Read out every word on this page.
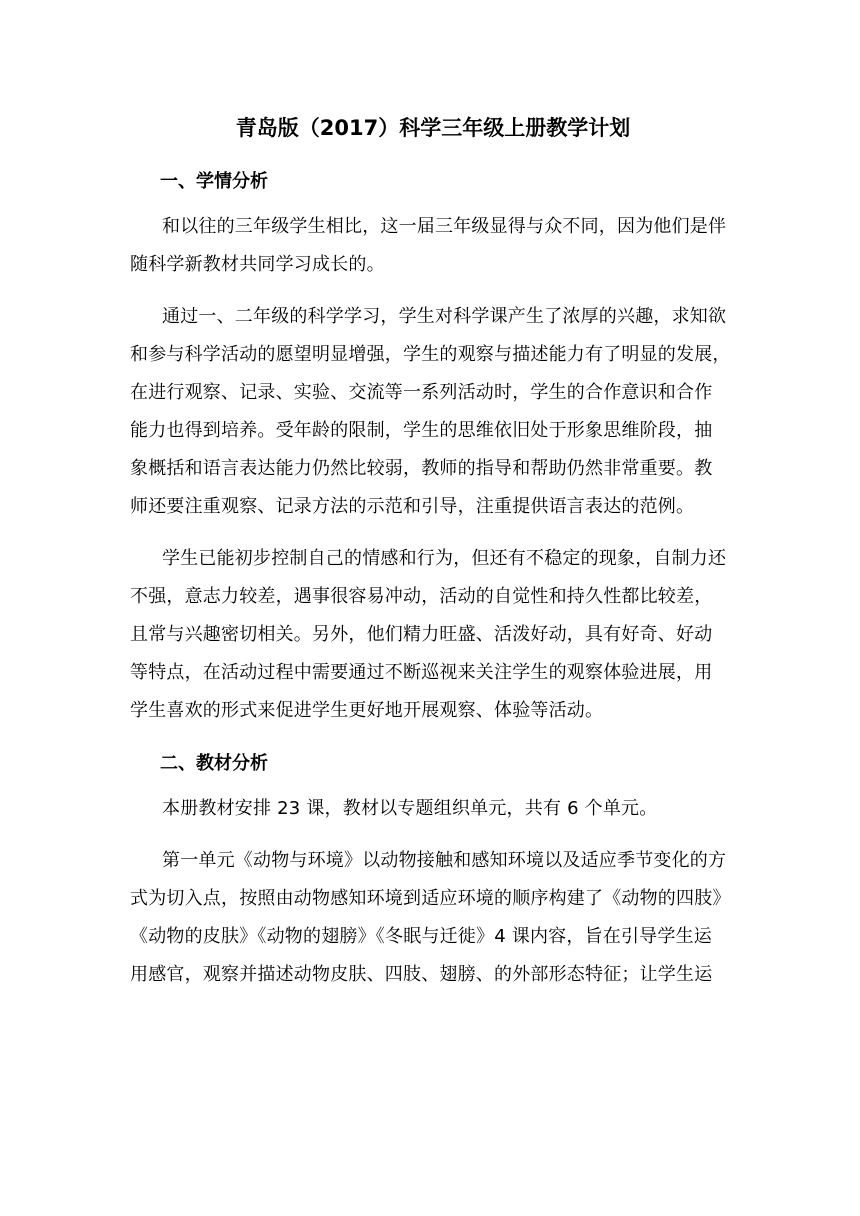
青岛版（2017）科学三年级上册教学计划
一、学情分析
和以往的三年级学生相比，这一届三年级显得与众不同，因为他们是伴
随科学新教材共同学习成长的。
通过一、二年级的科学学习，学生对科学课产生了浓厚的兴趣，求知欲
和参与科学活动的愿望明显增强，学生的观察与描述能力有了明显的发展，
在进行观察、记录、实验、交流等一系列活动时，学生的合作意识和合作
能力也得到培养。受年龄的限制，学生的思维依旧处于形象思维阶段，抽
象概括和语言表达能力仍然比较弱，教师的指导和帮助仍然非常重要。教
师还要注重观察、记录方法的示范和引导，注重提供语言表达的范例。
学生已能初步控制自己的情感和行为，但还有不稳定的现象，自制力还
不强，意志力较差，遇事很容易冲动，活动的自觉性和持久性都比较差，
且常与兴趣密切相关。另外，他们精力旺盛、活泼好动，具有好奇、好动
等特点，在活动过程中需要通过不断巡视来关注学生的观察体验进展，用
学生喜欢的形式来促进学生更好地开展观察、体验等活动。
二、教材分析
本册教材安排 23 课，教材以专题组织单元，共有 6 个单元。
第一单元《动物与环境》以动物接触和感知环境以及适应季节变化的方
式为切入点，按照由动物感知环境到适应环境的顺序构建了《动物的四肢》
《动物的皮肤》《动物的翅膀》《冬眠与迁徙》4 课内容，旨在引导学生运
用感官，观察并描述动物皮肤、四肢、翅膀、的外部形态特征；让学生运
